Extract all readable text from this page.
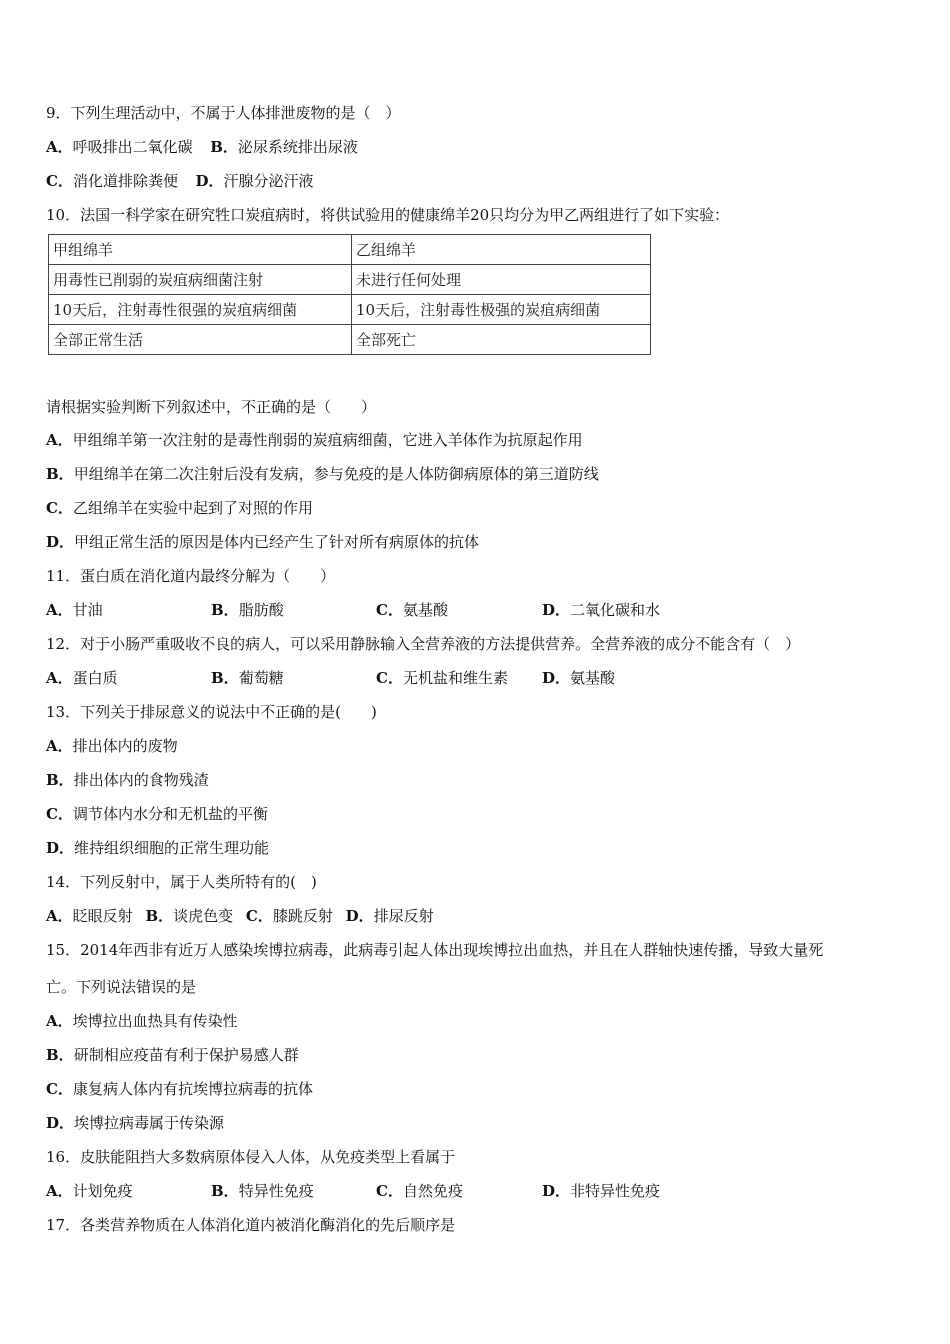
9．下列生理活动中，不属于人体排泄废物的是（　）
A．呼吸排出二氧化碳 B．泌尿系统排出尿液
C．消化道排除粪便 D．汗腺分泌汗液
10．法国一科学家在研究牲口炭疽病时，将供试验用的健康绵羊20只均分为甲乙两组进行了如下实验：
甲组绵羊	乙组绵羊
用毒性已削弱的炭疽病细菌注射	未进行任何处理
10天后，注射毒性很强的炭疽病细菌	10天后，注射毒性极强的炭疽病细菌
全部正常生活	全部死亡
请根据实验判断下列叙述中，不正确的是（　　）
A．甲组绵羊第一次注射的是毒性削弱的炭疽病细菌，它进入羊体作为抗原起作用
B．甲组绵羊在第二次注射后没有发病，参与免疫的是人体防御病原体的第三道防线
C．乙组绵羊在实验中起到了对照的作用
D．甲组正常生活的原因是体内已经产生了针对所有病原体的抗体
11．蛋白质在消化道内最终分解为（　　）
A．甘油	B．脂肪酸	C．氨基酸	D．二氧化碳和水
12．对于小肠严重吸收不良的病人，可以采用静脉输入全营养液的方法提供营养。全营养液的成分不能含有（　）
A．蛋白质	B．葡萄糖	C．无机盐和维生素 D．氨基酸
13．下列关于排尿意义的说法中不正确的是(　　)
A．排出体内的废物
B．排出体内的食物残渣
C．调节体内水分和无机盐的平衡
D．维持组织细胞的正常生理功能
14．下列反射中，属于人类所特有的(　)
A．眨眼反射 B．谈虎色变 C．膝跳反射 D．排尿反射
15．2014年西非有近万人感染埃博拉病毒，此病毒引起人体出现埃博拉出血热，并且在人群轴快速传播，导致大量死
亡。下列说法错误的是
A．埃博拉出血热具有传染性
B．研制相应疫苗有利于保护易感人群
C．康复病人体内有抗埃博拉病毒的抗体
D．埃博拉病毒属于传染源
16．皮肤能阻挡大多数病原体侵入人体，从免疫类型上看属于
A．计划免疫	B．特异性免疫	C．自然免疫	D．非特异性免疫
17．各类营养物质在人体消化道内被消化酶消化的先后顺序是
